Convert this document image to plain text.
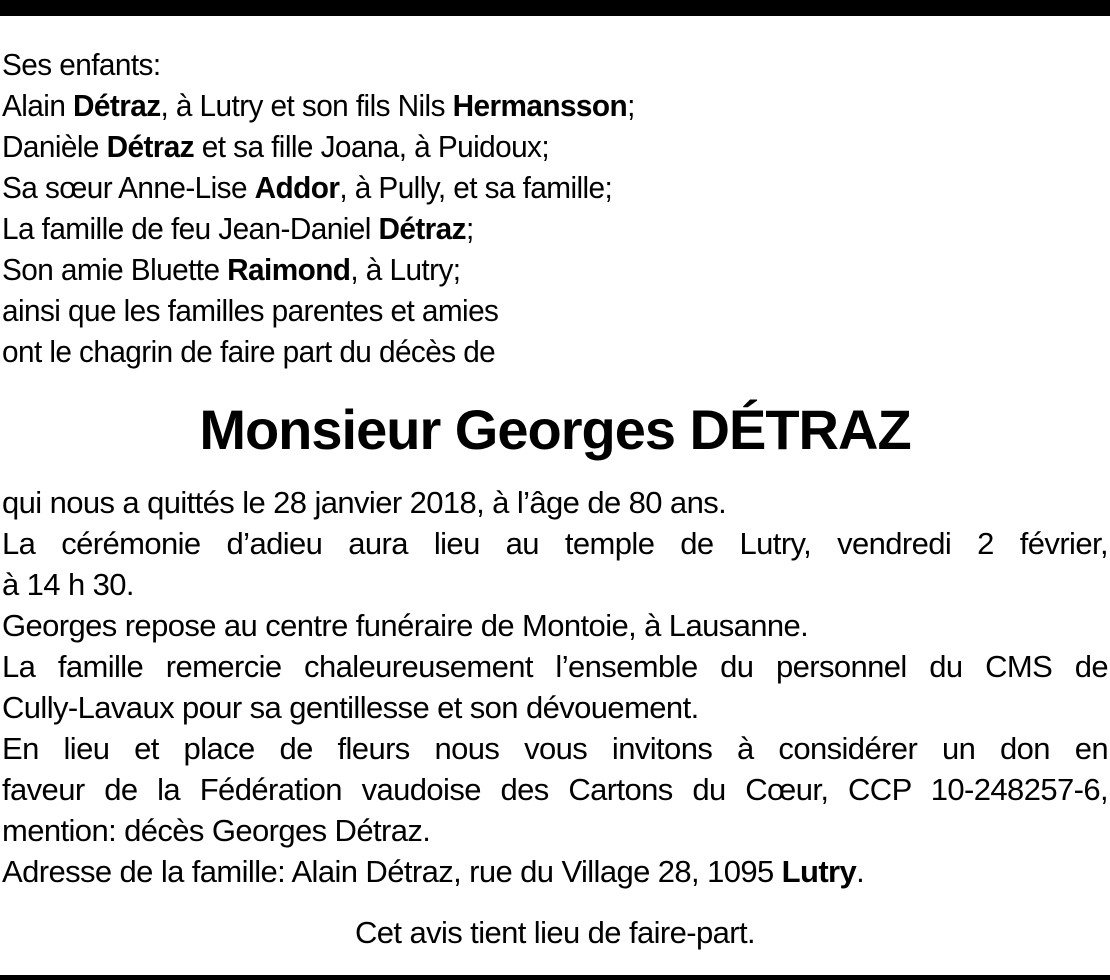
Ses enfants:
Alain Détraz, à Lutry et son fils Nils Hermansson;
Danièle Détraz et sa fille Joana, à Puidoux;
Sa sœur Anne-Lise Addor, à Pully, et sa famille;
La famille de feu Jean-Daniel Détraz;
Son amie Bluette Raimond, à Lutry;
ainsi que les familles parentes et amies
ont le chagrin de faire part du décès de
Monsieur Georges DÉTRAZ
qui nous a quittés le 28 janvier 2018, à l’âge de 80 ans.
La cérémonie d’adieu aura lieu au temple de Lutry, vendredi 2 février,
à 14 h 30.
Georges repose au centre funéraire de Montoie, à Lausanne.
La famille remercie chaleureusement l’ensemble du personnel du CMS de
Cully-Lavaux pour sa gentillesse et son dévouement.
En lieu et place de fleurs nous vous invitons à considérer un don en
faveur de la Fédération vaudoise des Cartons du Cœur, CCP 10-248257-6,
mention: décès Georges Détraz.
Adresse de la famille: Alain Détraz, rue du Village 28, 1095 Lutry.
Cet avis tient lieu de faire-part.
